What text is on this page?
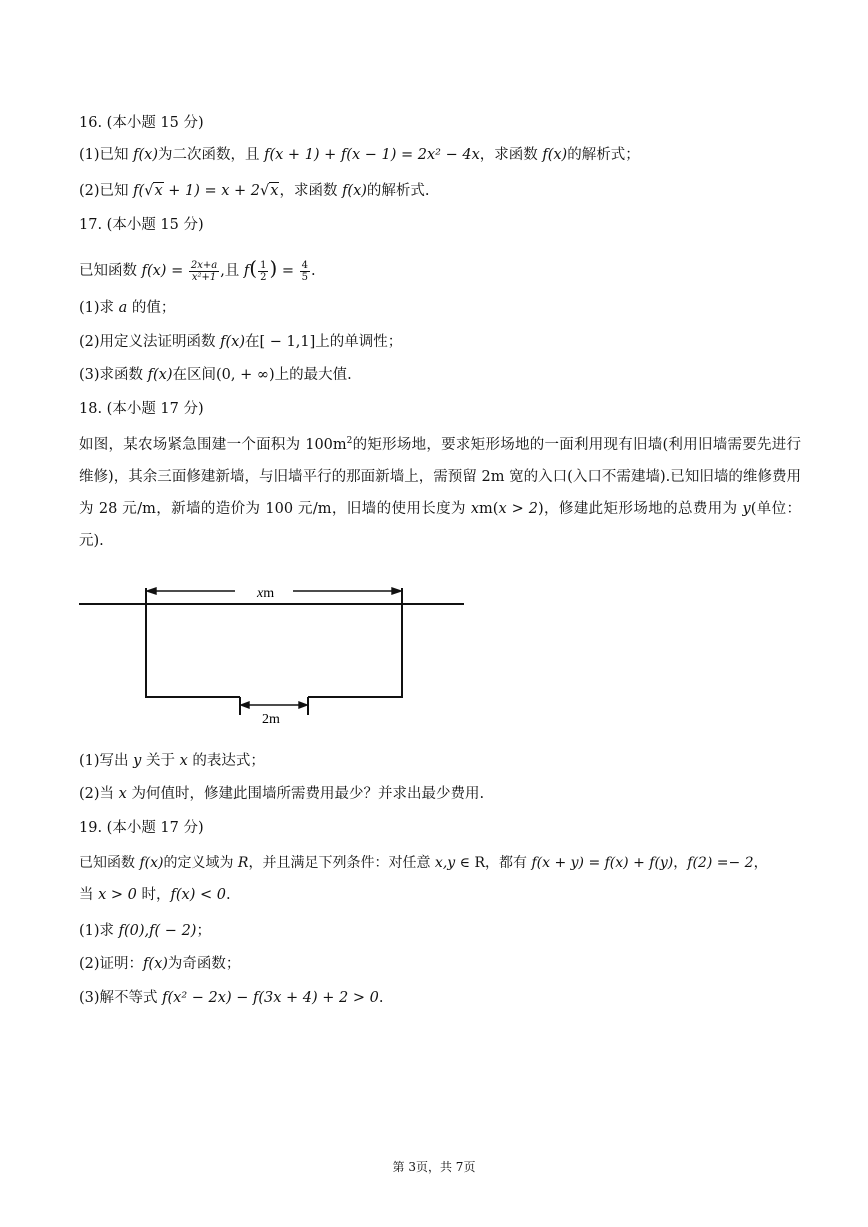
16. (本小题 15 分)
(1)已知 f(x)为二次函数，且 f(x + 1) + f(x − 1) = 2x² − 4x，求函数 f(x)的解析式；
(2)已知 f(√x + 1) = x + 2√x，求函数 f(x)的解析式.
17. (本小题 15 分)
已知函数 $f(x) = \frac{2x+a}{\text{x²+1}}$ ,且 $f( \frac{1}{2}$ ) = $\frac{4}{5}$ .
(1)求 a 的值；
(2)用定义法证明函数 f(x)在[ − 1,1]上的单调性；
(3)求函数 f(x)在区间(0, + ∞)上的最大值.
18. (本小题 17 分)
如图，某农场紧急围建一个面积为 $100m^2$的矩形场地，要求矩形场地的一面利用现有旧墙(利用旧墙需要先进行维修)，其余三面修建新墙，与旧墙平行的那面新墙上，需预留 2m 宽的入口(入口不需建墙).已知旧墙的维修费用为 28 元/m，新墙的造价为 100 元/m，旧墙的使用长度为 xm(x > 2)，修建此矩形场地的总费用为 y(单位：元).
xm
2m
(1)写出 y 关于 x 的表达式；
(2)当 x 为何值时，修建此围墙所需费用最少？并求出最少费用.
19. (本小题 17 分)
已知函数 f(x)的定义域为 R，并且满足下列条件：对任意 x,y ∈ R，都有 f(x + y) = f(x) + f(y)，f(2) =− 2，
当 x > 0 时，f(x) < 0.
(1)求 f(0),f( − 2)；
(2)证明：f(x)为奇函数；
(3)解不等式 f(x² − 2x) − f(3x + 4) + 2 > 0.
第 3页，共 7页
